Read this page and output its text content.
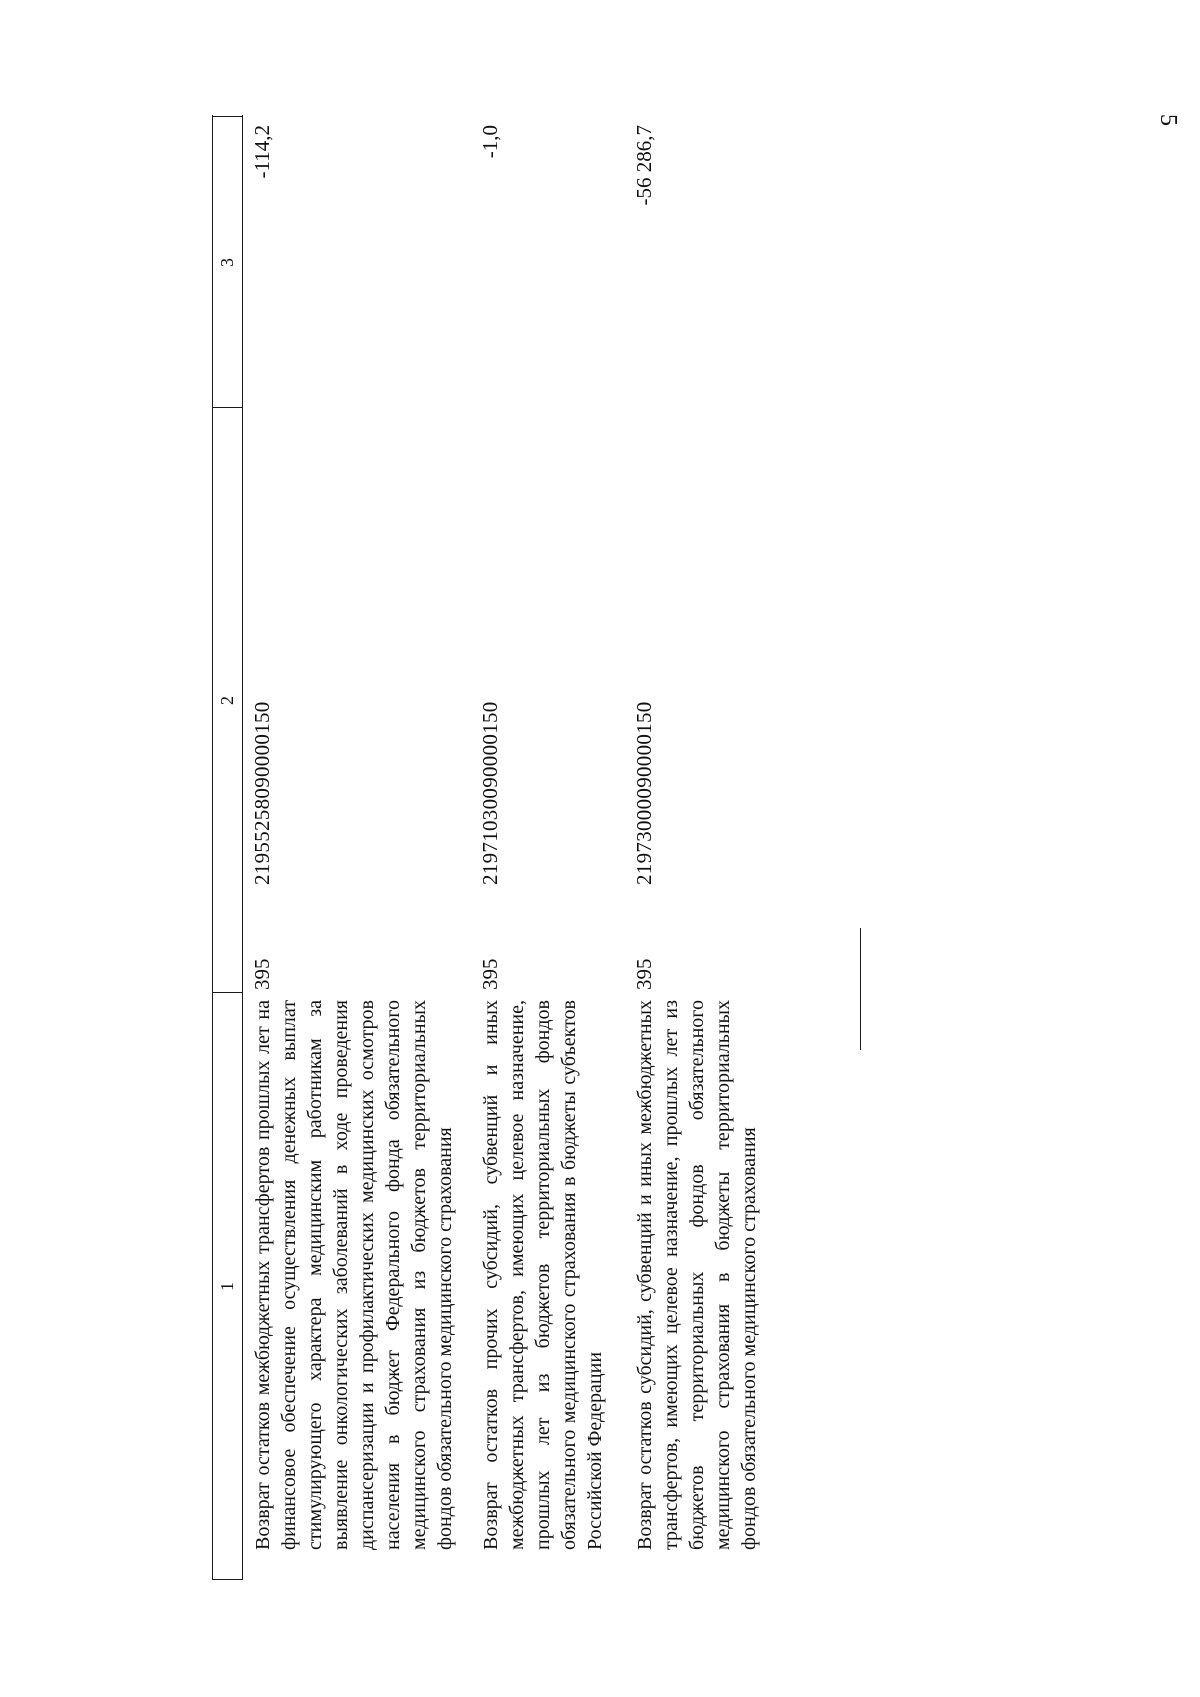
5
1
2
3
Возврат остатков межбюджетных трансфертов прошлых лет на финансовое обеспечение осуществления денежных выплат стимулирующего характера медицинским работникам за выявление онкологических заболеваний в ходе проведения диспансеризации и профилактических медицинских осмотров населения в бюджет Федерального фонда обязательного медицинского страхования из бюджетов территориальных фондов обязательного медицинского страхования
395
21955258090000150
-114,2
Возврат остатков прочих субсидий, субвенций и иных межбюджетных трансфертов, имеющих целевое назначение, прошлых лет из бюджетов территориальных фондов обязательного медицинского страхования в бюджеты субъектов Российской Федерации
395
21971030090000150
-1,0
Возврат остатков субсидий, субвенций и иных межбюджетных трансфертов, имеющих целевое назначение, прошлых лет из бюджетов территориальных фондов обязательного медицинского страхования в бюджеты территориальных фондов обязательного медицинского страхования
395
21973000090000150
-56 286,7
